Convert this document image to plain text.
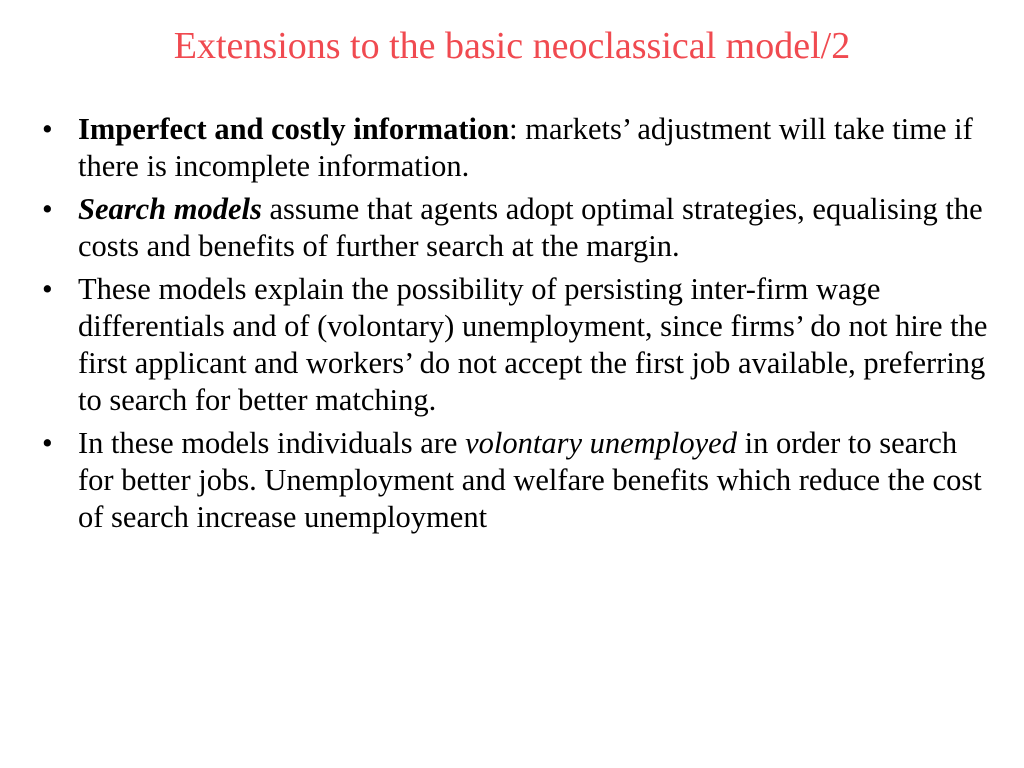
Extensions to the basic neoclassical model/2
• Imperfect and costly information: markets’ adjustment will take time if there is incomplete information.
• Search models assume that agents adopt optimal strategies, equalising the costs and benefits of further search at the margin.
• These models explain the possibility of persisting inter-firm wage differentials and of (volontary) unemployment, since firms’ do not hire the first applicant and workers’ do not accept the first job available, preferring to search for better matching.
• In these models individuals are volontary unemployed in order to search for better jobs. Unemployment and welfare benefits which reduce the cost of search increase unemployment
